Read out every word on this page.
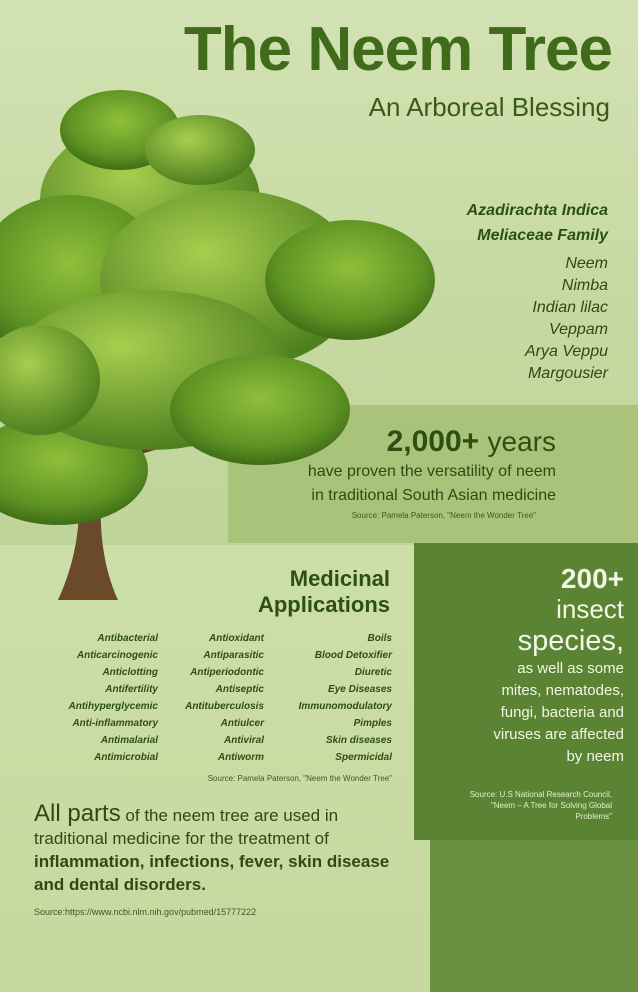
The Neem Tree
An Arboreal Blessing
Azadirachta Indica
Meliaceae Family
Neem
Nimba
Indian lilac
Veppam
Arya Veppu
Margousier
2,000+ years
have proven the versatility of neem
in traditional South Asian medicine
Source: Pamela Paterson, "Neem the Wonder Tree"
Medicinal
Applications
Antibacterial
Anticarcinogenic
Anticlotting
Antifertility
Antihyperglycemic
Anti-inflammatory
Antimalarial
Antimicrobial
Antioxidant
Antiparasitic
Antiperiodontic
Antiseptic
Antituberculosis
Antiulcer
Antiviral
Antiworm
Boils
Blood Detoxifier
Diuretic
Eye Diseases
Immunomodulatory
Pimples
Skin diseases
Spermicidal
Source: Pamela Paterson, "Neem the Wonder Tree"
All parts of the neem tree are used in traditional medicine for the treatment of inflammation, infections, fever, skin disease and dental disorders.
Source:https://www.ncbi.nlm.nih.gov/pubmed/15777222
200+
insect
species,
as well as some
mites, nematodes,
fungi, bacteria and
viruses are affected
by neem
Source: U.S National Research Council,
"Neem – A Tree for Solving Global
Problems"
